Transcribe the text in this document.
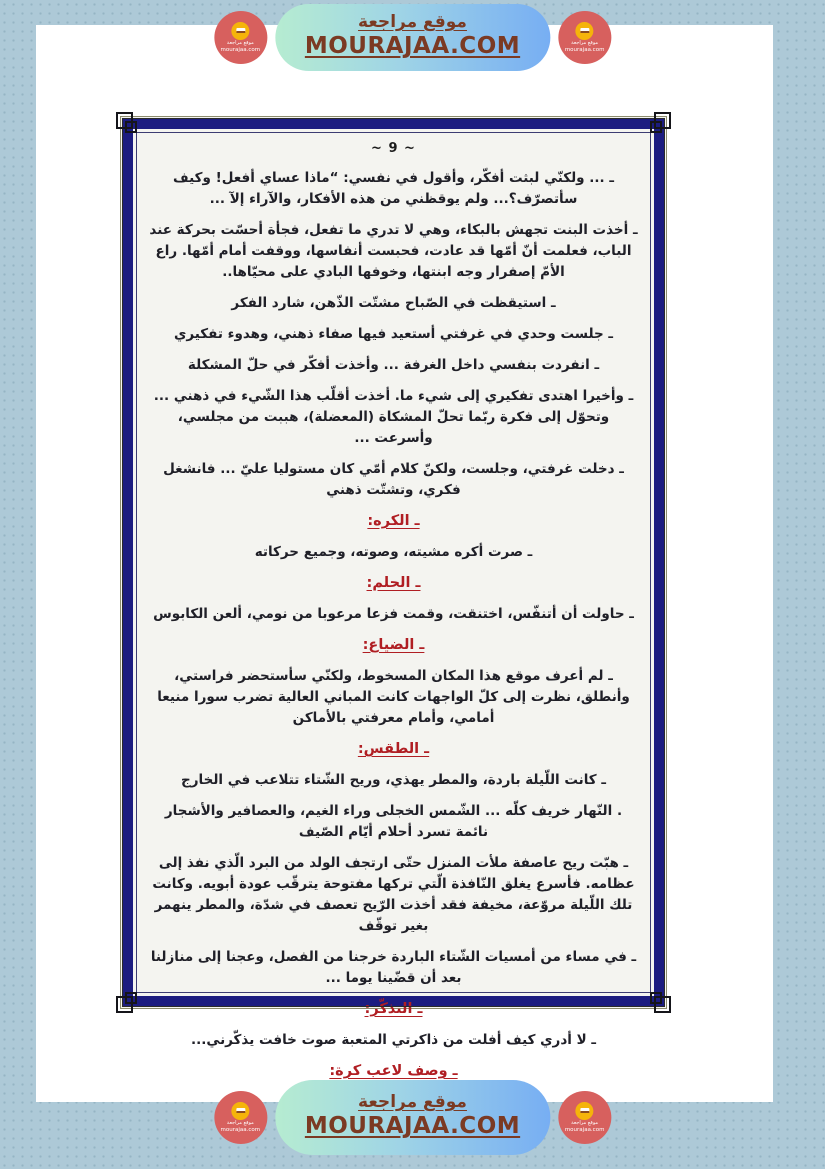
موقع مراجعة
mourajaa.com
موقع مراجعة
MOURAJAA.COM	موقع مراجعة
mourajaa.com

~ 9 ~

ـ ... ولكنّي لبثت أفكّر، وأقول في نفسي: “ماذا عساي أفعل! وكيف سأتصرّف؟... ولم يوقظني من هذه الأفكار، والآراء إلآ ...

ـ أخذت البنت تجهش بالبكاء، وهي لا تدري ما تفعل، فجأة أحسّت بحركة عند الباب، فعلمت أنّ أمّها قد عادت، فحبست أنفاسها، ووقفت أمام أمّها. راع الأمّ إصفرار وجه ابنتها، وخوفها البادي على محيّاها..

ـ استيقظت في الصّباح مشتّت الذّهن، شارد الفكر

ـ جلست وحدي في غرفتي أستعيد فيها صفاء ذهني، وهدوء تفكيري

ـ انفردت بنفسي داخل الغرفة ... وأخذت أفكّر في حلّ المشكلة

ـ وأخيرا اهتدى تفكيري إلى شيء ما. أخذت أقلّب هذا الشّيء في ذهني ... وتحوّل إلى فكرة ربّما تحلّ المشكاة (المعضلة)، هببت من مجلسي، وأسرعت ...

ـ دخلت غرفتي، وجلست، ولكنّ كلام أمّي كان مستوليا عليّ ... فانشغل فكري، وتشتّت ذهني

ـ الكره:

ـ صرت أكره مشيته، وصوته، وجميع حركاته

ـ الحلم:

ـ حاولت أن أتنفّس، اختنقت، وقمت فزعا مرعوبا من نومي، ألعن الكابوس

ـ الضياع:

ـ لم أعرف موقع هذا المكان المسخوط، ولكنّي سأستحضر فراستي، وأنطلق، نظرت إلى كلّ الواجهات كانت المباني العالية تضرب سورا منيعا أمامي، وأمام معرفتي بالأماكن

ـ الطقس:

ـ كانت اللّيلة باردة، والمطر يهذي، وريح الشّتاء تتلاعب في الخارج

. النّهار خريف كلّه ... الشّمس الخجلى وراء الغيم، والعصافير والأشجار نائمة تسرد أحلام أيّام الصّيف

ـ هبّت ريح عاصفة ملأت المنزل حتّى ارتجف الولد من البرد الّذي نفذ إلى عظامه. فأسرع يغلق النّافذة الّتي تركها مفتوحة يترقّب عودة أبويه. وكانت تلك اللّيلة مروّعة، مخيفة فقد أخذت الرّيح تعصف في شدّة، والمطر ينهمر بغير توقّف

ـ في مساء من أمسيات الشّتاء الباردة خرجنا من الفصل، وعجنا إلى منازلنا بعد أن قضّينا يوما ...

ـ التذكّر:

ـ لا أدري كيف أفلت من ذاكرتي المتعبة صوت خافت يذكّرني...

ـ وصف لاعب كرة:

موقع مراجعة
mourajaa.com
موقع مراجعة
MOURAJAA.COM	موقع مراجعة
mourajaa.com
